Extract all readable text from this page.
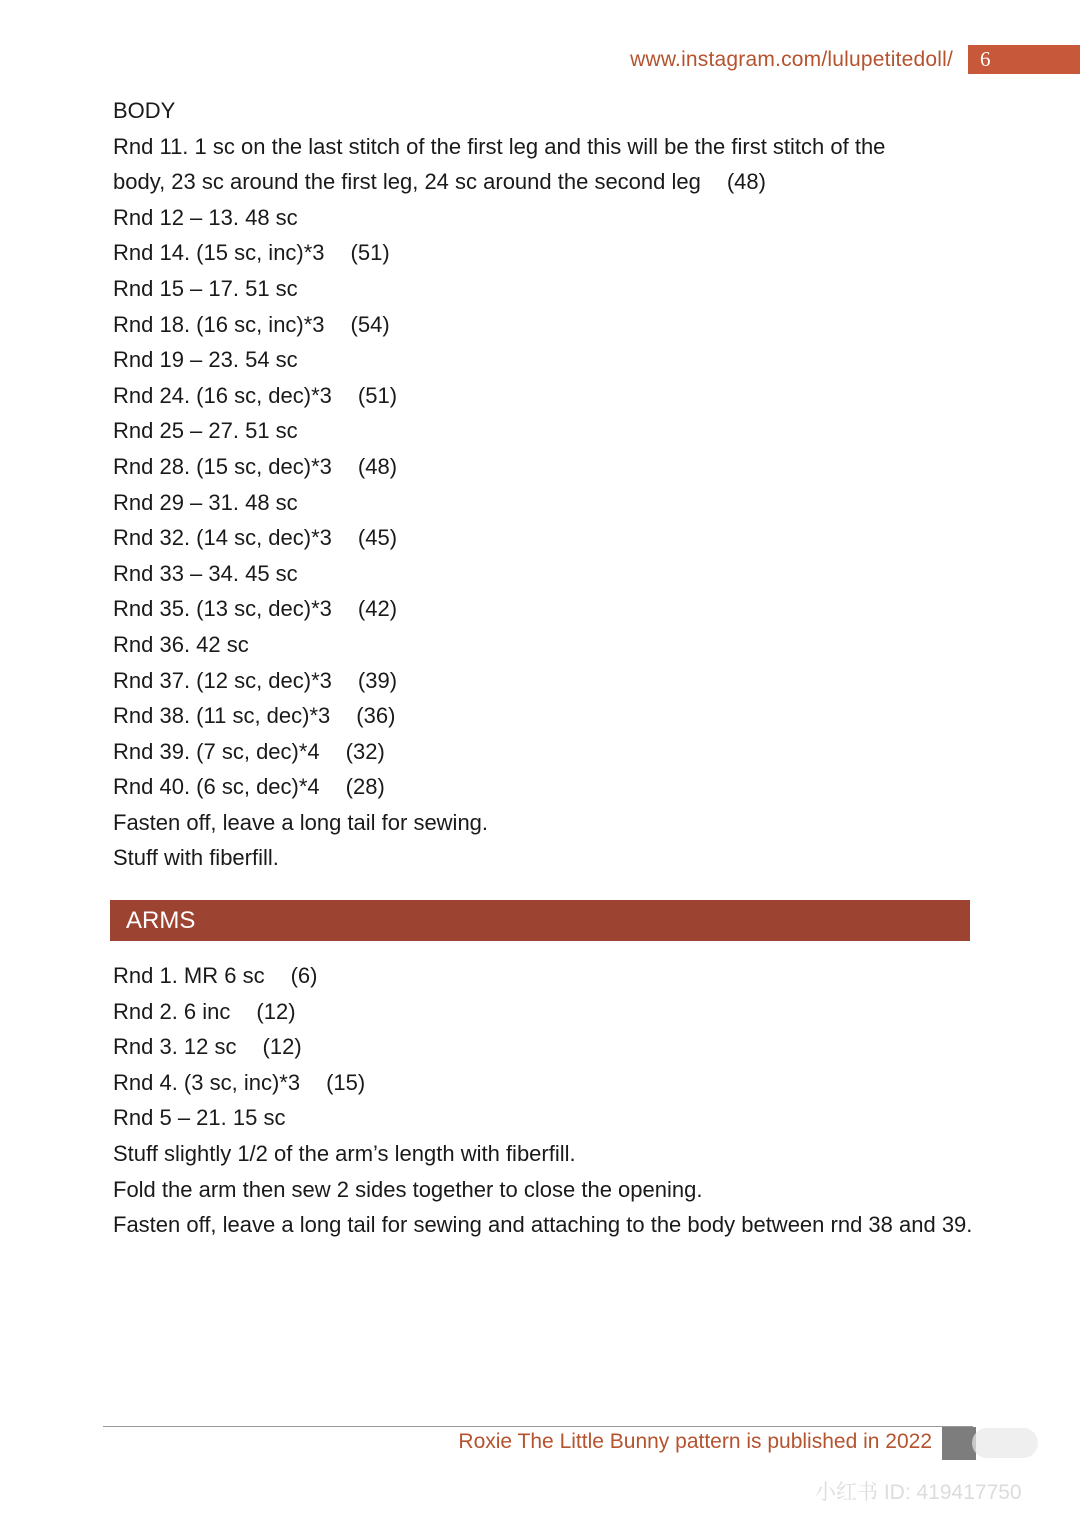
www.instagram.com/lulupetitedoll/	6

BODY

Rnd 11. 1 sc on the last stitch of the first leg and this will be the first stitch of the

body, 23 sc around the first leg, 24 sc around the second leg (48)

Rnd 12 – 13. 48 sc

Rnd 14. (15 sc, inc)*3 (51)

Rnd 15 – 17. 51 sc

Rnd 18. (16 sc, inc)*3 (54)

Rnd 19 – 23. 54 sc

Rnd 24. (16 sc, dec)*3 (51)

Rnd 25 – 27. 51 sc

Rnd 28. (15 sc, dec)*3 (48)

Rnd 29 – 31. 48 sc

Rnd 32. (14 sc, dec)*3 (45)

Rnd 33 – 34. 45 sc

Rnd 35. (13 sc, dec)*3 (42)

Rnd 36. 42 sc

Rnd 37. (12 sc, dec)*3 (39)

Rnd 38. (11 sc, dec)*3 (36)

Rnd 39. (7 sc, dec)*4 (32)

Rnd 40. (6 sc, dec)*4 (28)

Fasten off, leave a long tail for sewing.

Stuff with fiberfill.

ARMS

Rnd 1. MR 6 sc (6)

Rnd 2. 6 inc (12)

Rnd 3. 12 sc (12)

Rnd 4. (3 sc, inc)*3 (15)

Rnd 5 – 21. 15 sc

Stuff slightly 1/2 of the arm’s length with fiberfill.

Fold the arm then sew 2 sides together to close the opening.

Fasten off, leave a long tail for sewing and attaching to the body between rnd 38 and 39.

Roxie The Little Bunny pattern is published in 2022
小红书 ID: 419417750
